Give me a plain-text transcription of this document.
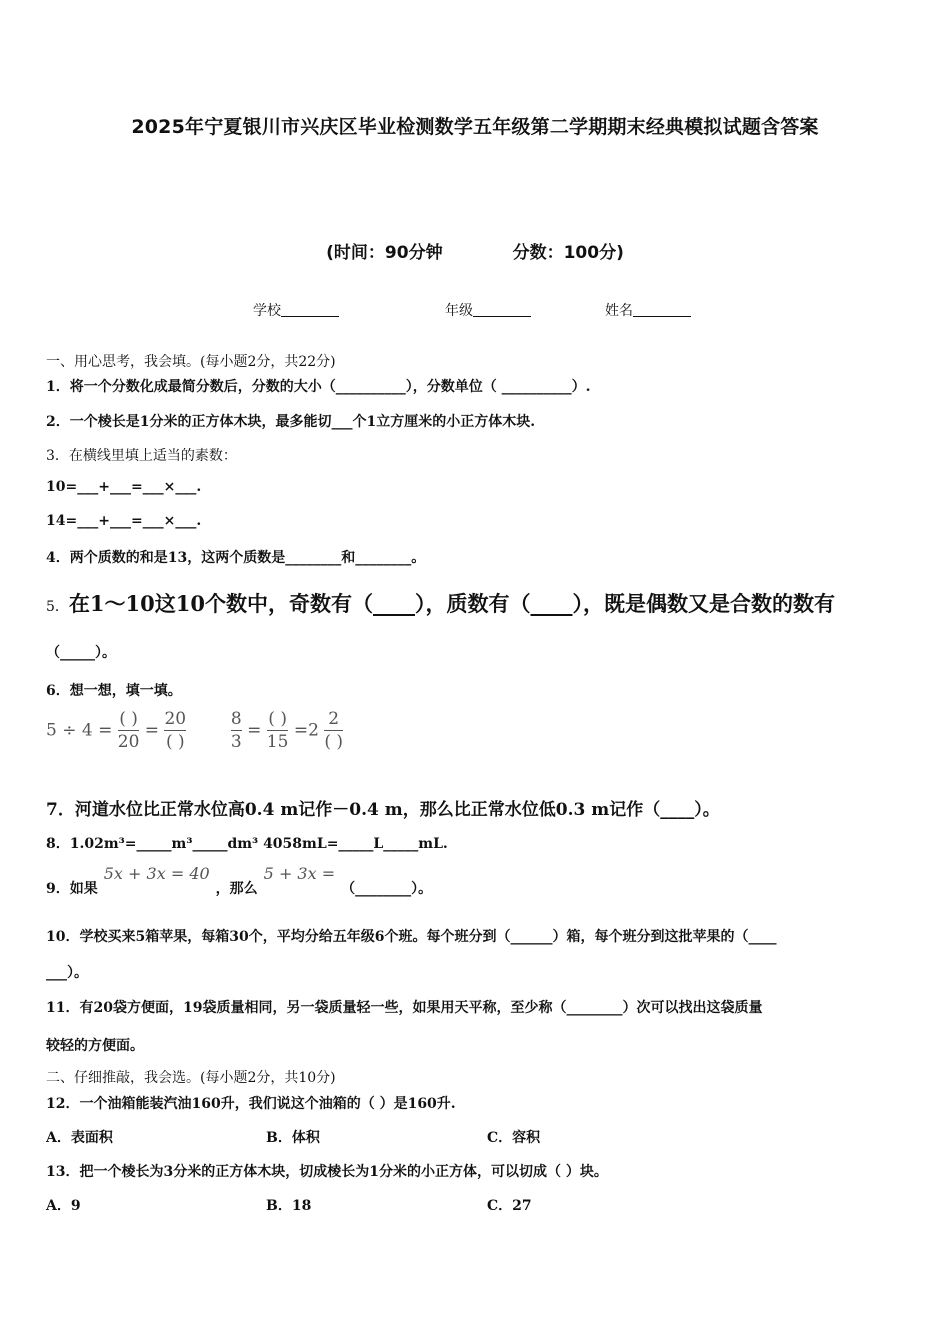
2025年宁夏银川市兴庆区毕业检测数学五年级第二学期期末经典模拟试题含答案
(时间：90分钟	分数：100分)
学校	年级	姓名
一、用心思考，我会填。(每小题2分，共22分)
1．将一个分数化成最简分数后，分数的大小（__________），分数单位（ __________）.
2．一个棱长是1分米的正方体木块，最多能切___个1立方厘米的小正方体木块.
3．在横线里填上适当的素数：
10=___+___=___×___.
14=___+___=___×___.
4．两个质数的和是13，这两个质数是________和________。
5．在1～10这10个数中，奇数有（____），质数有（____），既是偶数又是合数的数有
（_____）。
6．想一想，填一填。
$5 \div 4 = \frac{( )}{20} = \frac{20}{( )}$
	$\frac{8}{3} = \frac{( )}{15} =2 \frac{2}{( )}$
7．河道水位比正常水位高0.4 m记作－0.4 m，那么比正常水位低0.3 m记作（____）。
8．1.02m³=_____m³_____dm³ 4058mL=_____L_____mL.
9．如果5x + 3x = 40，那么5 + 3x =（________）。
10．学校买来5箱苹果，每箱30个，平均分给五年级6个班。每个班分到（______）箱，每个班分到这批苹果的（____
___）。
11．有20袋方便面，19袋质量相同，另一袋质量轻一些，如果用天平称，至少称（________）次可以找出这袋质量
较轻的方便面。
二、仔细推敲，我会选。(每小题2分，共10分)
12．一个油箱能装汽油160升，我们说这个油箱的（ ）是160升.
A．表面积	B．体积	C．容积
13．把一个棱长为3分米的正方体木块，切成棱长为1分米的小正方体，可以切成（ ）块。
A．9	B．18	C．27
